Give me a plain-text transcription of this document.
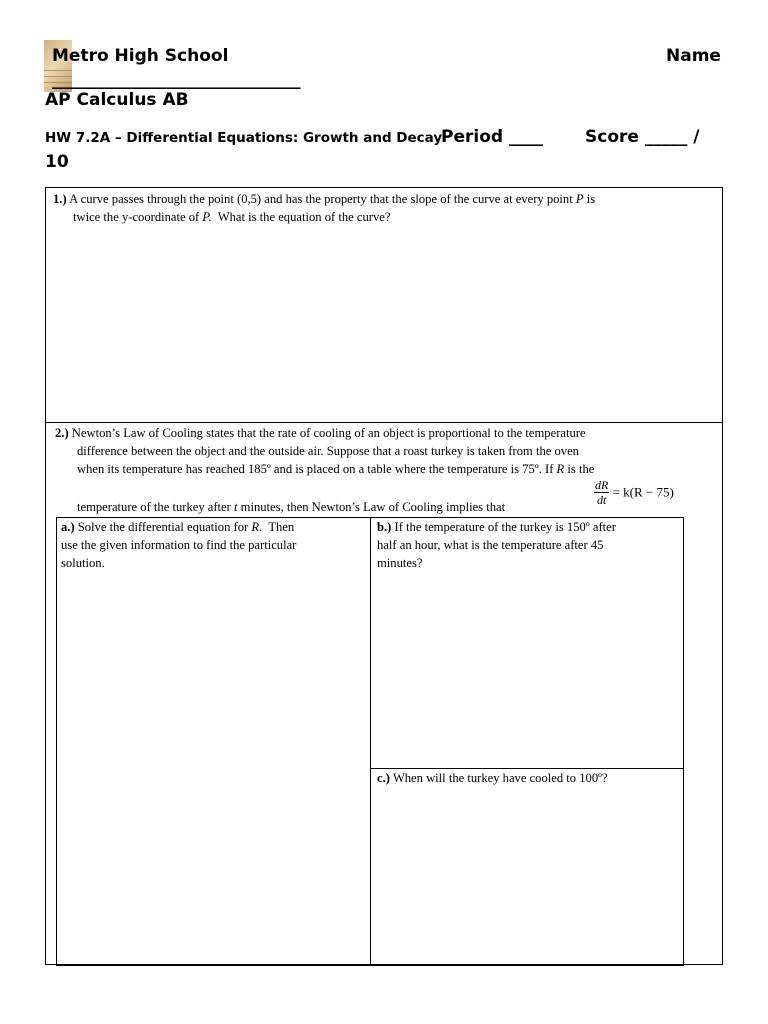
Metro High School	Name
_________________________________
AP Calculus AB
HW 7.2A – Differential Equations: Growth and Decay
Period ____ Score _____ /
10
1.) A curve passes through the point (0,5) and has the property that the slope of the curve at every point P is
twice the y-coordinate of P. What is the equation of the curve?
2.) Newton’s Law of Cooling states that the rate of cooling of an object is proportional to the temperature
difference between the object and the outside air. Suppose that a roast turkey is taken from the oven
when its temperature has reached 185º and is placed on a table where the temperature is 75º. If R is the
temperature of the turkey after t minutes, then Newton’s Law of Cooling implies that	$\frac{dR}{dt} = k(R - 75)$
a.) Solve the differential equation for R. Then
use the given information to find the particular
solution.
b.) If the temperature of the turkey is 150º after
half an hour, what is the temperature after 45
minutes?
c.) When will the turkey have cooled to 100º?
